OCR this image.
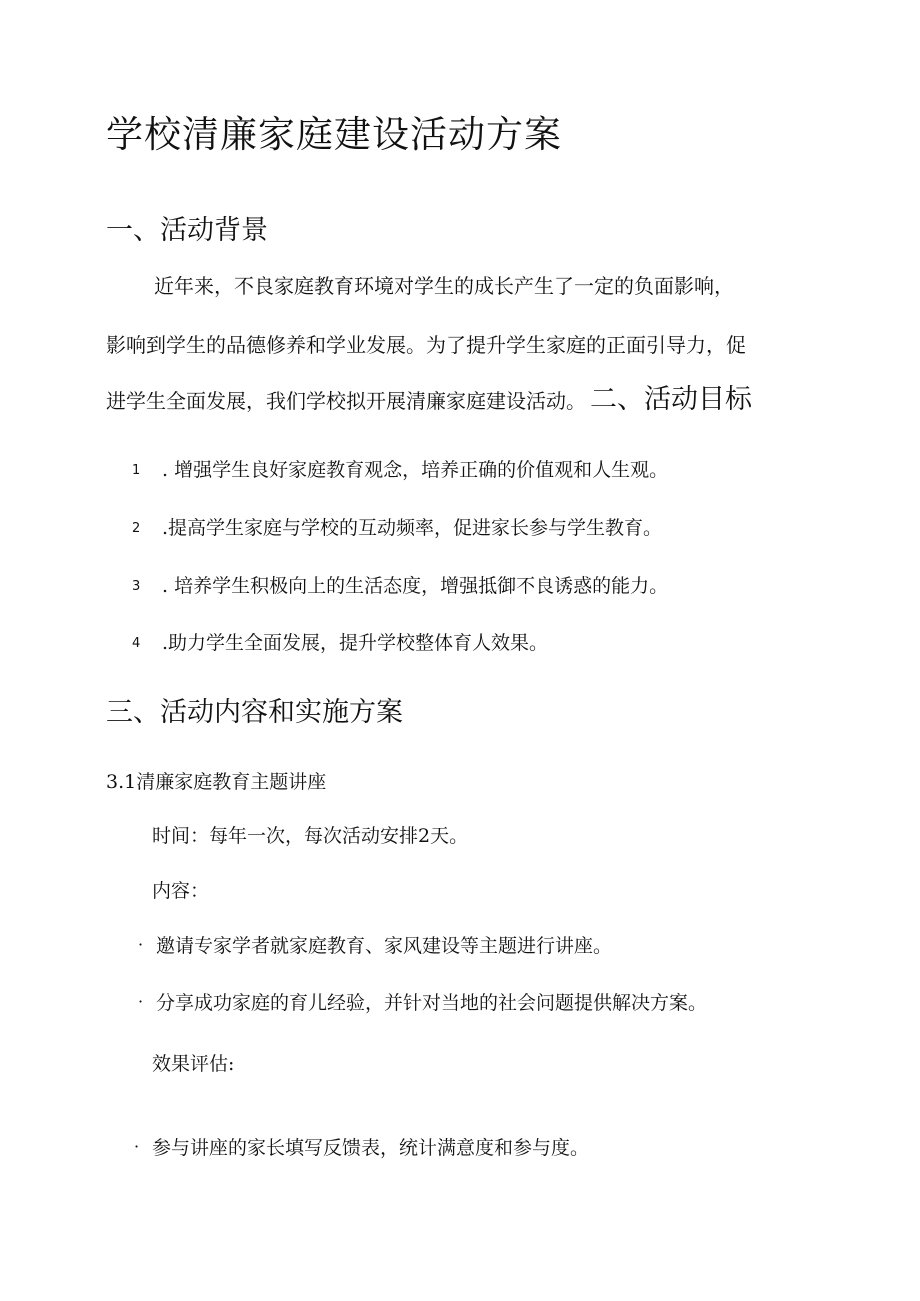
学校清廉家庭建设活动方案
一、活动背景

近年来，不良家庭教育环境对学生的成长产生了一定的负面影响，

影响到学生的品德修养和学业发展。为了提升学生家庭的正面引导力，促

进学生全面发展，我们学校拟开展清廉家庭建设活动。 二、活动目标

1 . 增强学生良好家庭教育观念，培养正确的价值观和人生观。
2 .提高学生家庭与学校的互动频率，促进家长参与学生教育。
3 . 培养学生积极向上的生活态度，增强抵御不良诱惑的能力。
4 .助力学生全面发展，提升学校整体育人效果。
三、活动内容和实施方案
3.1清廉家庭教育主题讲座

时间：每年一次，每次活动安排2天。

内容：

· 邀请专家学者就家庭教育、家风建设等主题进行讲座。
· 分享成功家庭的育儿经验，并针对当地的社会问题提供解决方案。

效果评估:

· 参与讲座的家长填写反馈表，统计满意度和参与度。
